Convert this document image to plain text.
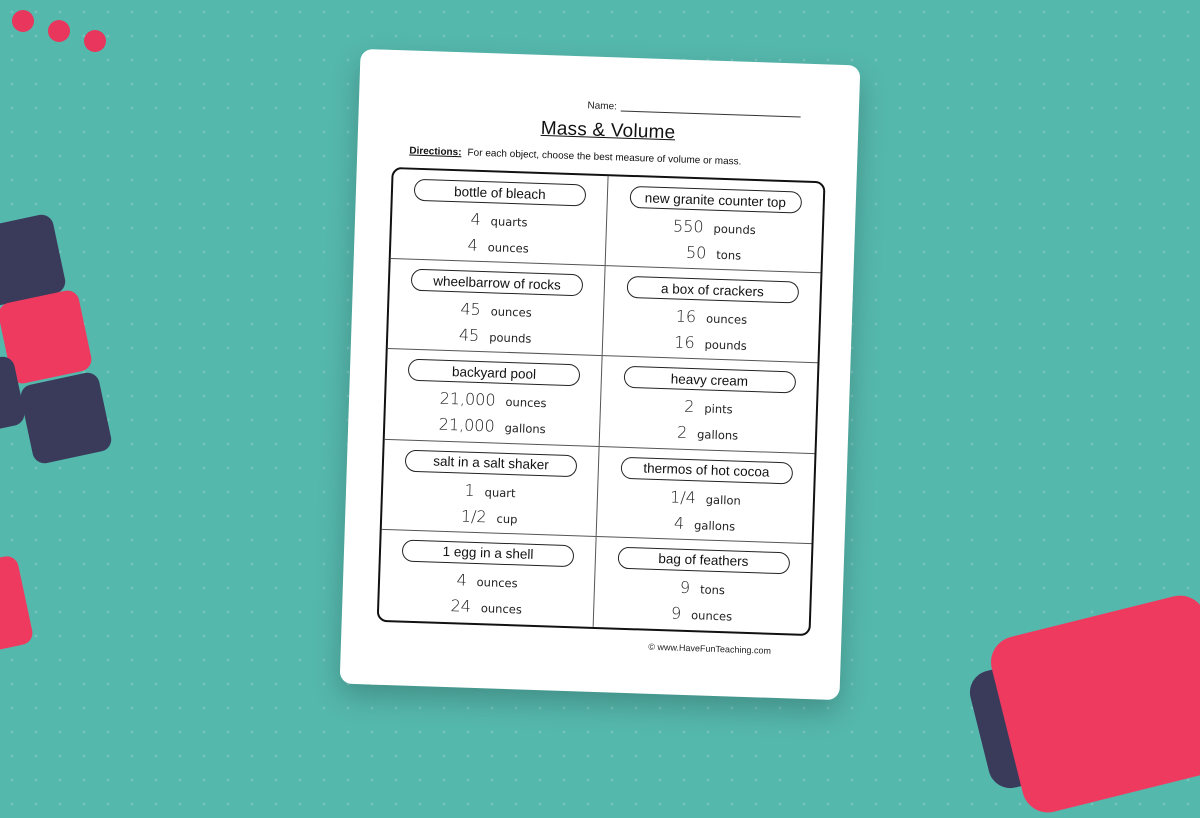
Name:
Mass & Volume
Directions: For each object, choose the best measure of volume or mass.
bottle of bleach
4 quarts
4 ounces
new granite counter top
550 pounds
50 tons
wheelbarrow of rocks
45 ounces
45 pounds
a box of crackers
16 ounces
16 pounds
backyard pool
21,000 ounces
21,000 gallons
heavy cream
2 pints
2 gallons
salt in a salt shaker
1 quart
1/2 cup
thermos of hot cocoa
1/4 gallon
4 gallons
1 egg in a shell
4 ounces
24 ounces
bag of feathers
9 tons
9 ounces
© www.HaveFunTeaching.com
